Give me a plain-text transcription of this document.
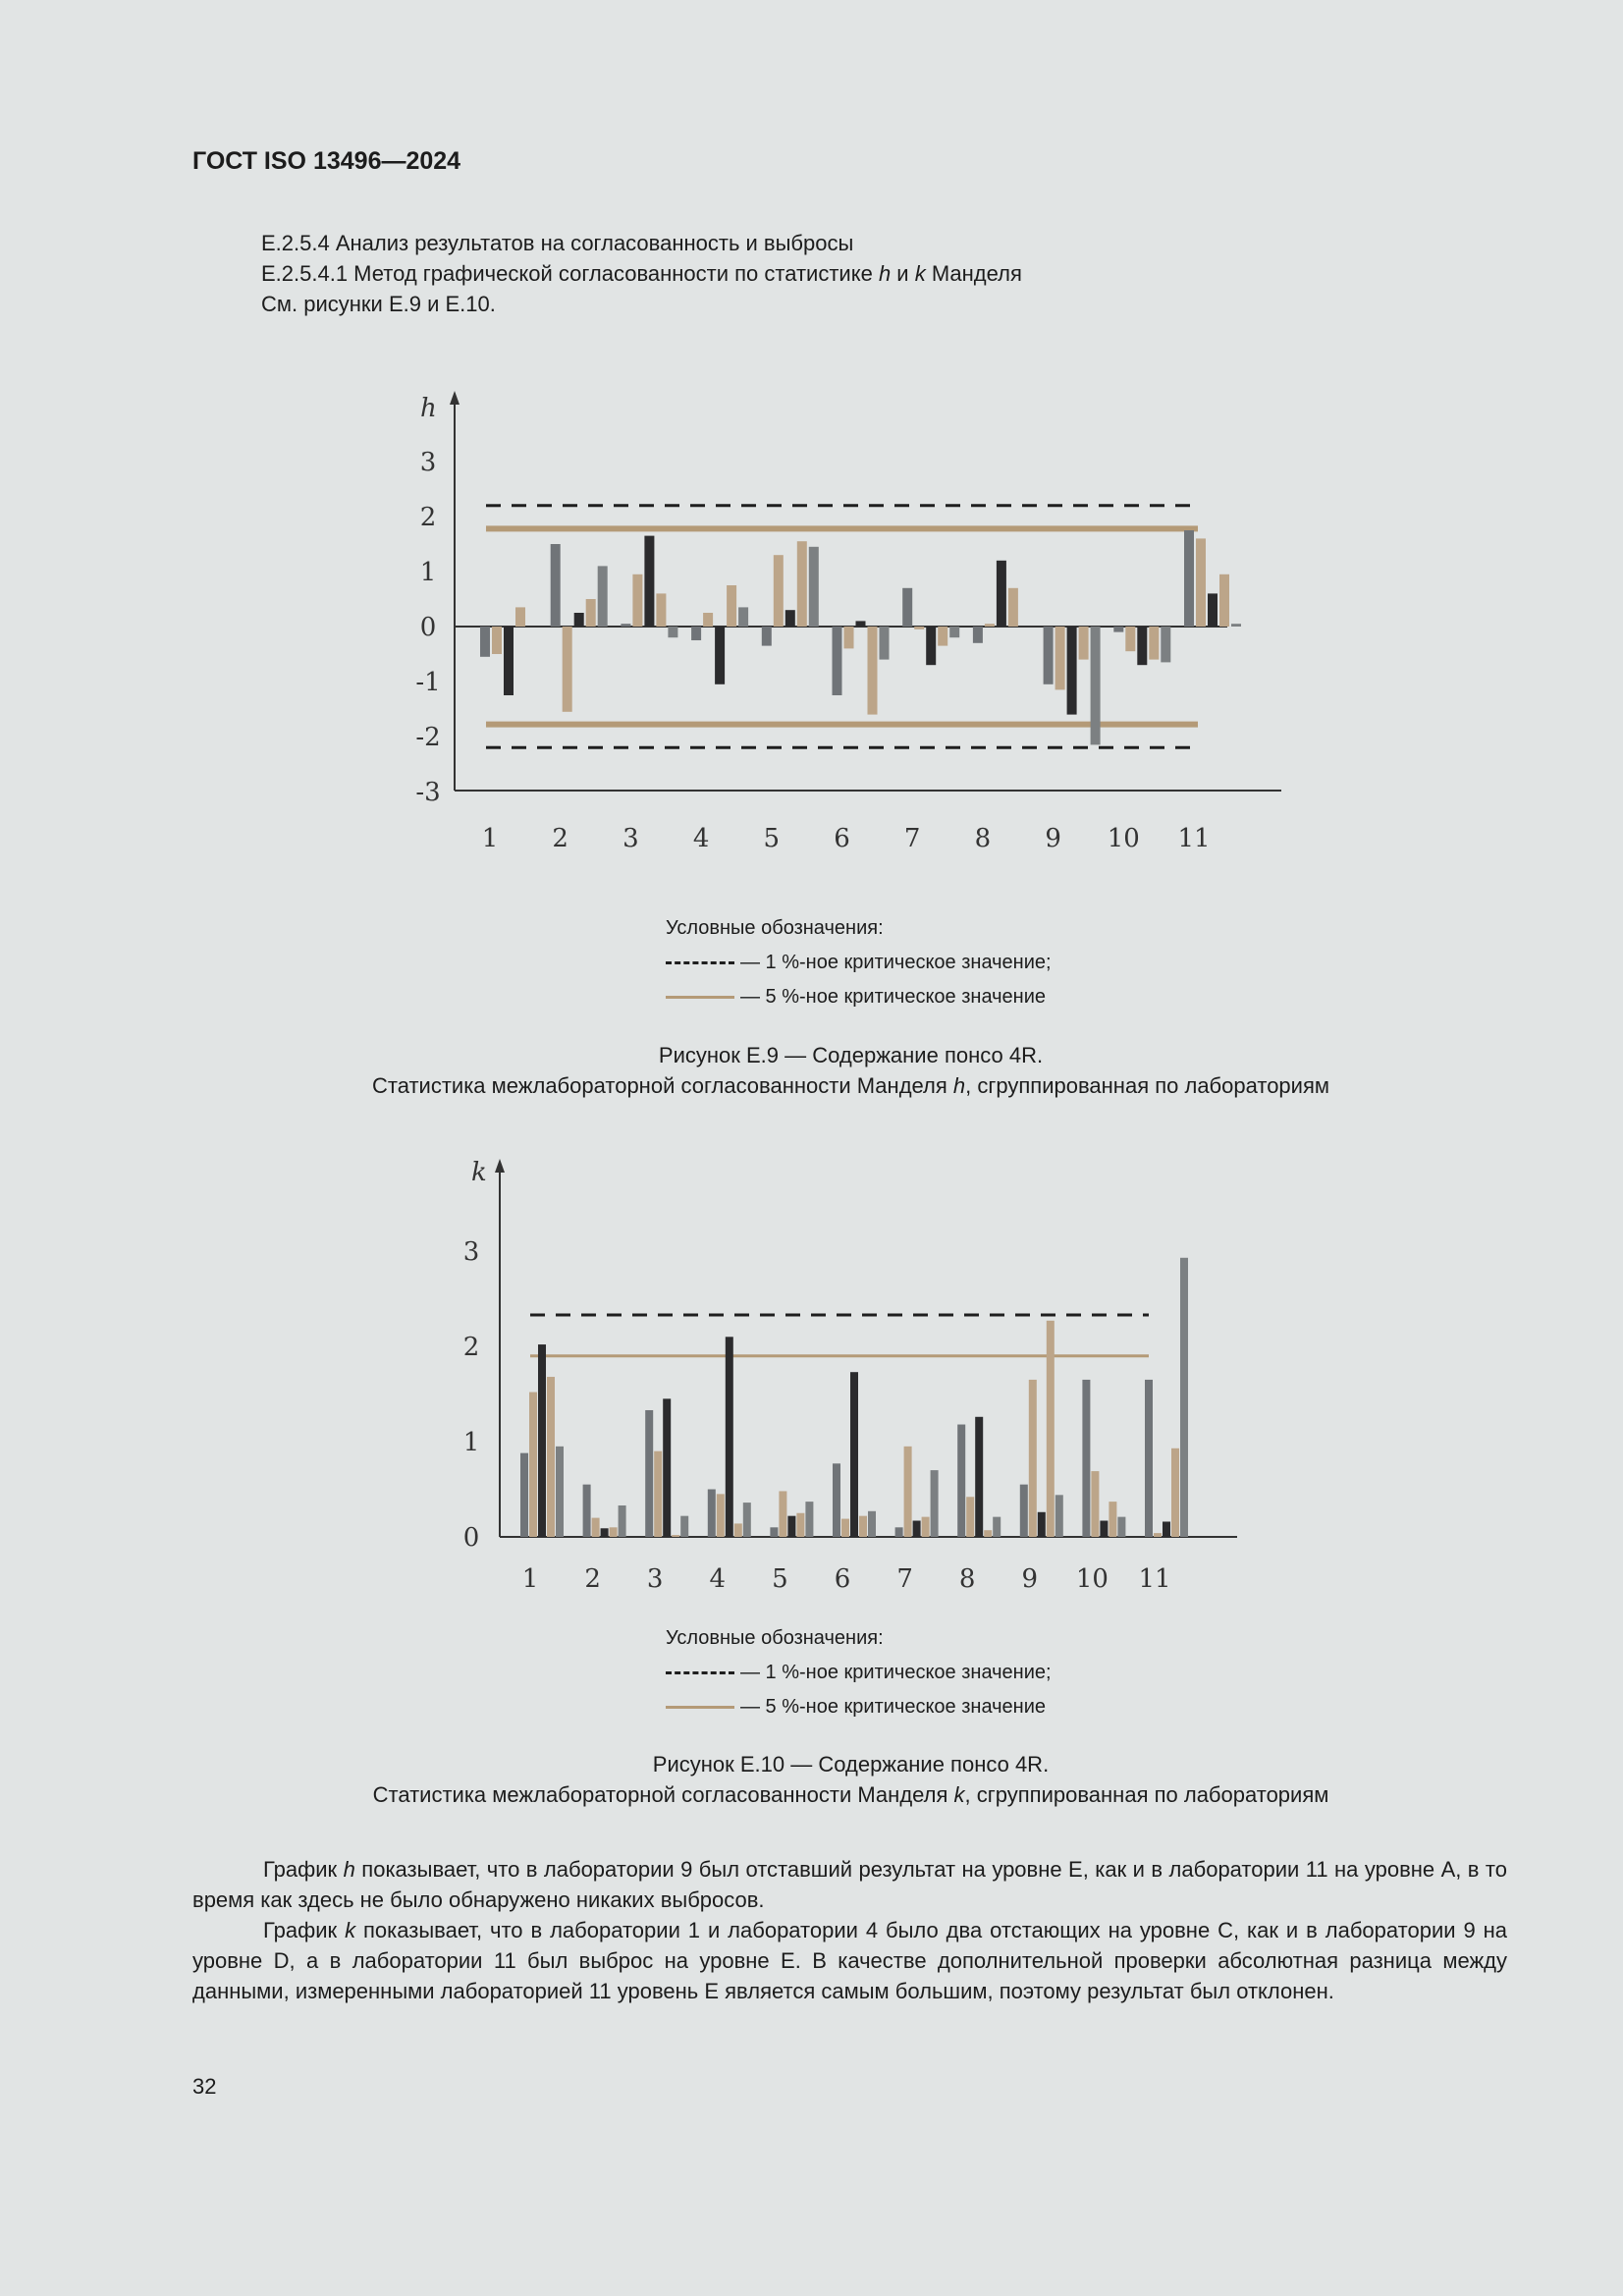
ГОСТ ISO 13496—2024
E.2.5.4 Анализ результатов на согласованность и выбросы
E.2.5.4.1 Метод графической согласованности по статистике h и k Манделя
См. рисунки E.9 и E.10.
h
3
2
1
0
-1
-2
-3
1 2 3 4 5 6 7 8 9 10 11
Условные обозначения:
— 1 %-ное критическое значение;
— 5 %-ное критическое значение
Рисунок E.9 — Содержание понсо 4R.
Статистика межлабораторной согласованности Манделя h, сгруппированная по лабораториям
k
3
2
1
0
1 2 3 4 5 6 7 8 9 10 11
Условные обозначения:
— 1 %-ное критическое значение;
— 5 %-ное критическое значение
Рисунок E.10 — Содержание понсо 4R.
Статистика межлабораторной согласованности Манделя k, сгруппированная по лабораториям

График h показывает, что в лаборатории 9 был отставший результат на уровне E, как и в лаборатории 11 на уровне A, в то время как здесь не было обнаружено никаких выбросов.

График k показывает, что в лаборатории 1 и лаборатории 4 было два отстающих на уровне C, как и в лаборатории 9 на уровне D, а в лаборатории 11 был выброс на уровне E. В качестве дополнительной проверки абсолютная разница между данными, измеренными лабораторией 11 уровень E является самым большим, поэтому результат был отклонен.

32
